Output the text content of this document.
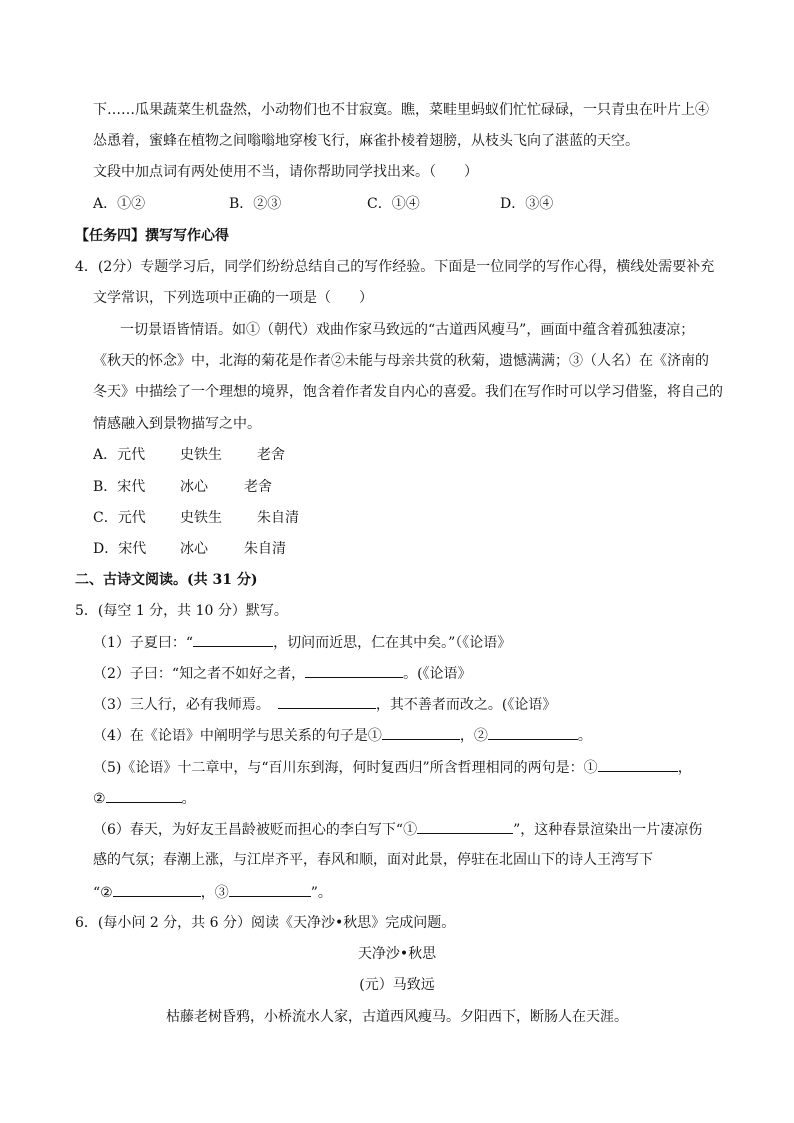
下……瓜果蔬菜生机盎然，小动物们也不甘寂寞。瞧，菜畦里蚂蚁们忙忙碌碌，一只青虫在叶片上④
怂恿着，蜜蜂在植物之间嗡嗡地穿梭飞行，麻雀扑棱着翅膀，从枝头飞向了湛蓝的天空。
文段中加点词有两处使用不当，请你帮助同学找出来。（　　）
A．①②	B．②③	C．①④	D．③④
【任务四】撰写写作心得
4．(2分）专题学习后，同学们纷纷总结自己的写作经验。下面是一位同学的写作心得，横线处需要补充
文学常识，下列选项中正确的一项是（　　）
一切景语皆情语。如①（朝代）戏曲作家马致远的“古道西风瘦马”，画面中蕴含着孤独凄凉；
《秋天的怀念》中，北海的菊花是作者②未能与母亲共赏的秋菊，遗憾满满；③（人名）在《济南的
冬天》中描绘了一个理想的境界，饱含着作者发自内心的喜爱。我们在写作时可以学习借鉴，将自己的
情感融入到景物描写之中。
A．元代 史铁生	老舍
B．宋代 冰心	老舍
C．元代 史铁生	朱自清
D．宋代 冰心	朱自清
二、古诗文阅读。(共 31 分)
5．(每空 1 分，共 10 分）默写。
（1）子夏曰：“	，切问而近思，仁在其中矣。”（《论语》
（2）子曰：“知之者不如好之者，	。(《论语》
（3）三人行，必有我师焉。	，其不善者而改之。(《论语》
（4）在《论语》中阐明学与思关系的句子是①	，②	。
（5)《论语》十二章中，与“百川东到海，何时复西归”所含哲理相同的两句是：①	，
②	。
（6）春天，为好友王昌龄被贬而担心的李白写下“①	”，这种春景渲染出一片凄凉伤
感的气氛；春潮上涨，与江岸齐平，春风和顺，面对此景，停驻在北固山下的诗人王湾写下
“②	，③	”。
6．(每小问 2 分，共 6 分）阅读《天净沙•秋思》完成问题。
天净沙•秋思
(元）马致远
枯藤老树昏鸦，小桥流水人家，古道西风瘦马。夕阳西下，断肠人在天涯。
